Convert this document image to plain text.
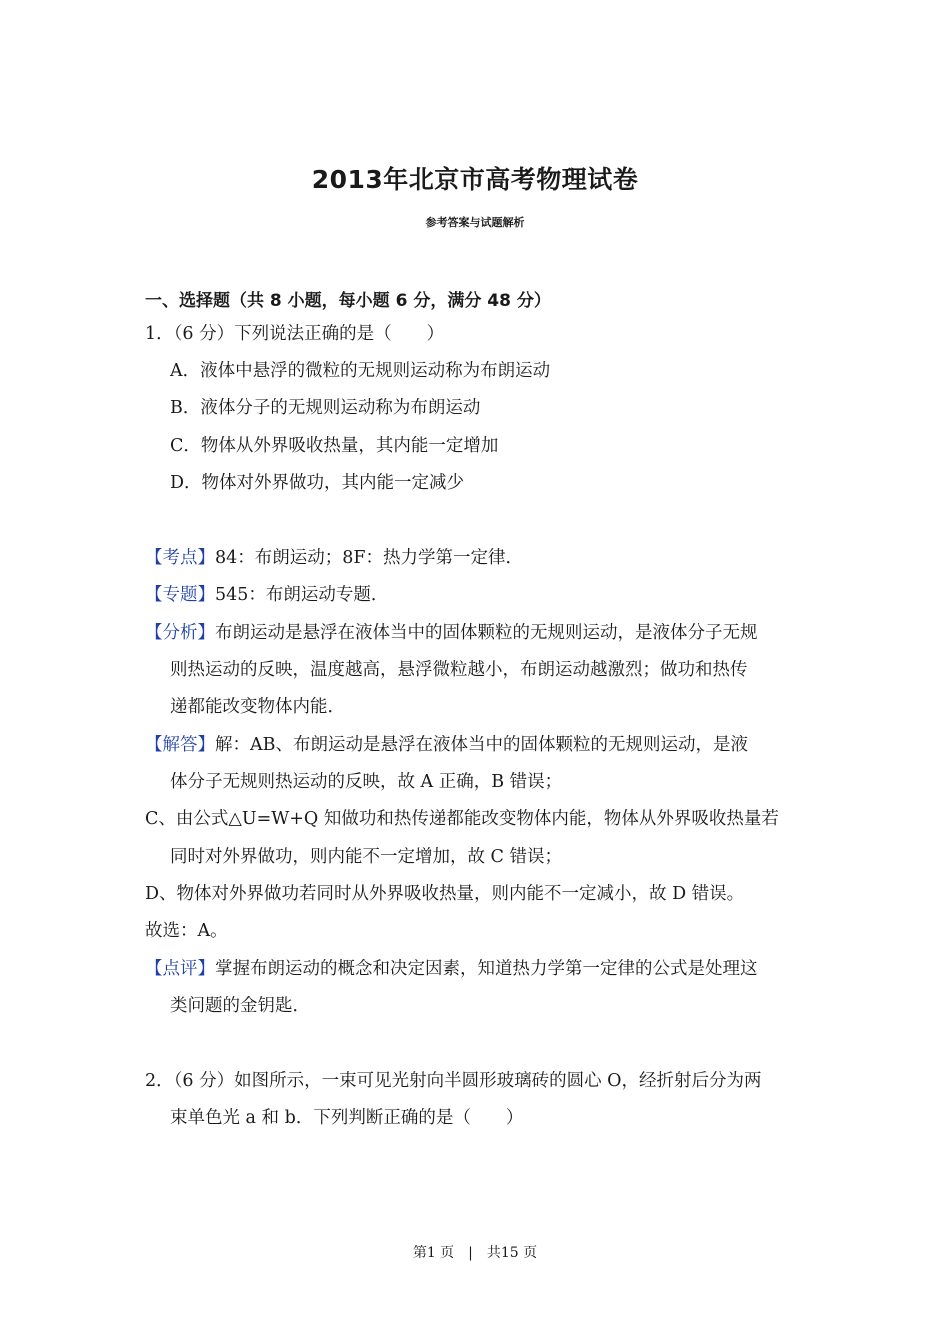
2013年北京市高考物理试卷
参考答案与试题解析
一、选择题（共 8 小题，每小题 6 分，满分 48 分）
1．（6 分）下列说法正确的是（　　）
A．液体中悬浮的微粒的无规则运动称为布朗运动
B．液体分子的无规则运动称为布朗运动
C．物体从外界吸收热量，其内能一定增加
D．物体对外界做功，其内能一定减少
【考点】84：布朗运动；8F：热力学第一定律．
【专题】545：布朗运动专题．
【分析】布朗运动是悬浮在液体当中的固体颗粒的无规则运动，是液体分子无规
则热运动的反映，温度越高，悬浮微粒越小，布朗运动越激烈；做功和热传
递都能改变物体内能．
【解答】解：AB、布朗运动是悬浮在液体当中的固体颗粒的无规则运动，是液
体分子无规则热运动的反映，故 A 正确，B 错误；
C、由公式△U=W+Q 知做功和热传递都能改变物体内能，物体从外界吸收热量若
同时对外界做功，则内能不一定增加，故 C 错误；
D、物体对外界做功若同时从外界吸收热量，则内能不一定减小，故 D 错误。
故选：A。
【点评】掌握布朗运动的概念和决定因素，知道热力学第一定律的公式是处理这
类问题的金钥匙．
2．（6 分）如图所示，一束可见光射向半圆形玻璃砖的圆心 O，经折射后分为两
束单色光 a 和 b．下列判断正确的是（　　）
第1 页　|　共15 页
